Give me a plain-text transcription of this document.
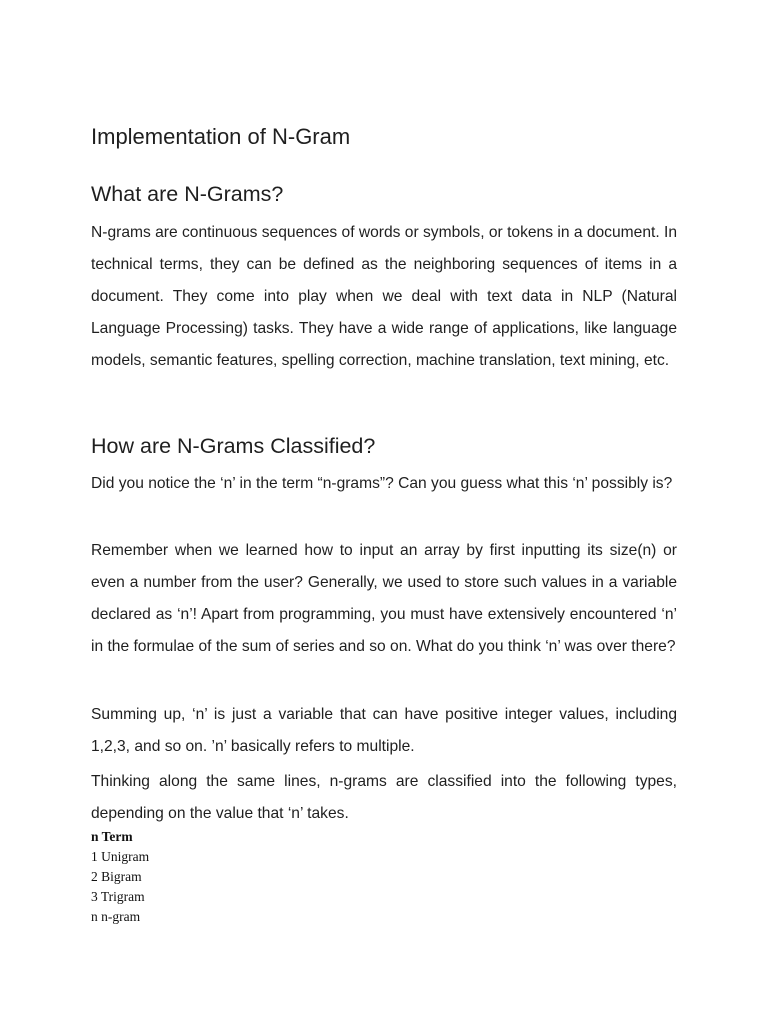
Implementation of N-Gram
What are N-Grams?

N-grams are continuous sequences of words or symbols, or tokens in a document. In technical terms, they can be defined as the neighboring sequences of items in a document. They come into play when we deal with text data in NLP (Natural Language Processing) tasks. They have a wide range of applications, like language models, semantic features, spelling correction, machine translation, text mining, etc.

How are N-Grams Classified?

Did you notice the ‘n’ in the term “n-grams”? Can you guess what this ‘n’ possibly is?

Remember when we learned how to input an array by first inputting its size(n) or even a number from the user? Generally, we used to store such values in a variable declared as ‘n’! Apart from programming, you must have extensively encountered ‘n’ in the formulae of the sum of series and so on. What do you think ‘n’ was over there?

Summing up, ‘n’ is just a variable that can have positive integer values, including 1,2,3, and so on. ’n’ basically refers to multiple.

Thinking along the same lines, n-grams are classified into the following types, depending on the value that ‘n’ takes.

n Term
1 Unigram
2 Bigram
3 Trigram
n n-gram
